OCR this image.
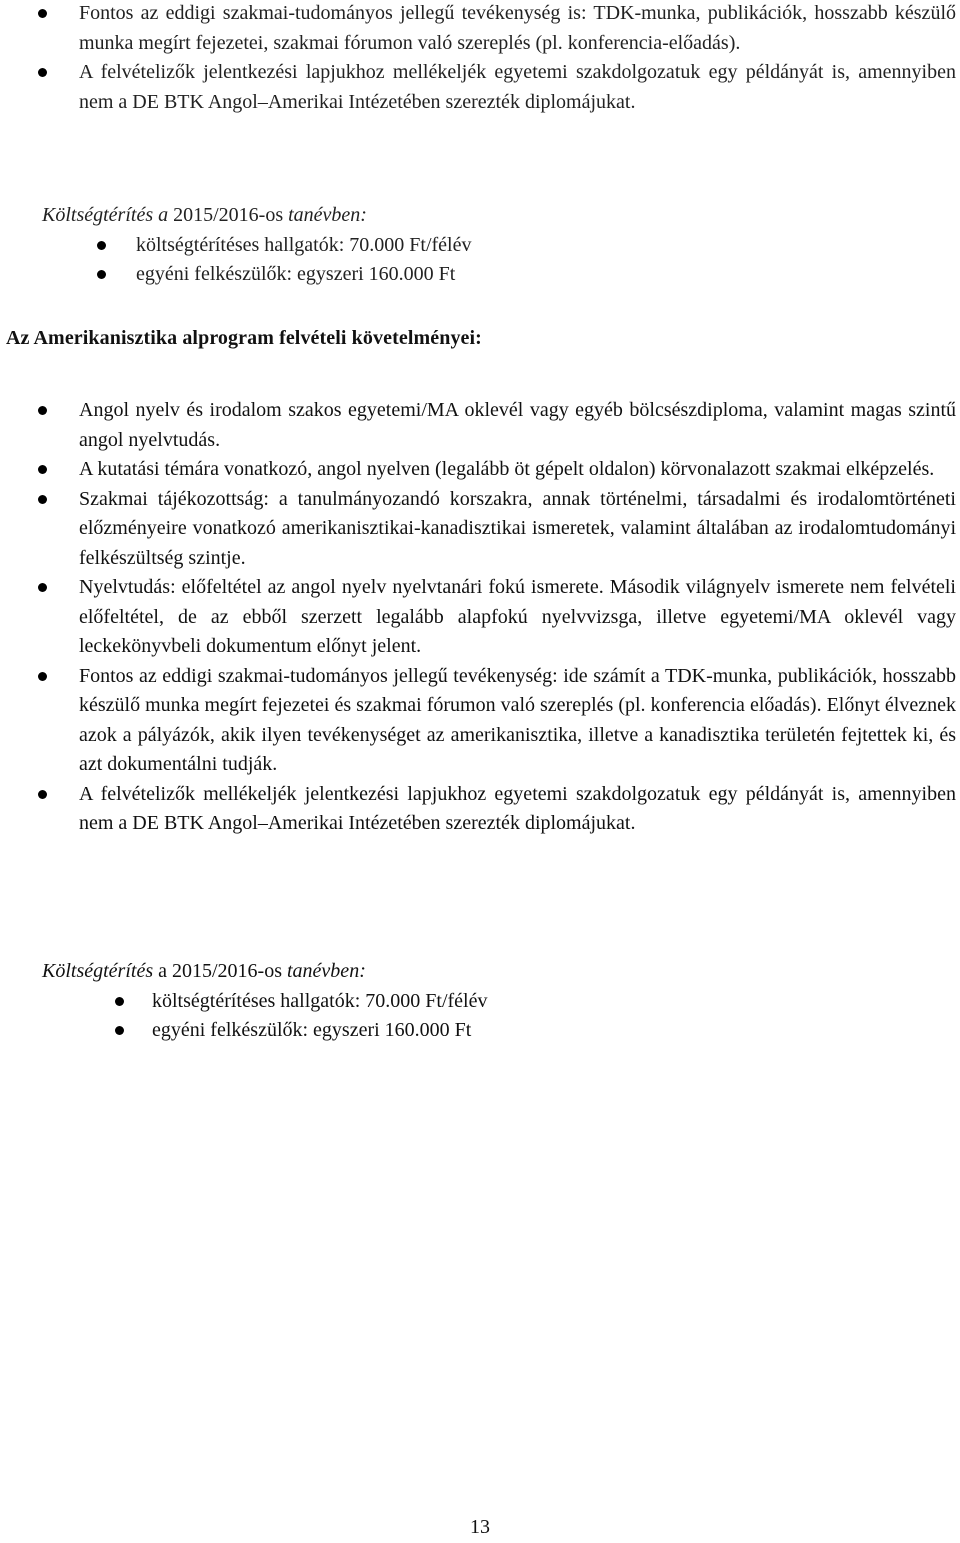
Fontos az eddigi szakmai-tudományos jellegű tevékenység is: TDK-munka, publikációk, hosszabb készülő munka megírt fejezetei, szakmai fórumon való szereplés (pl. konferencia-előadás).
A felvételizők jelentkezési lapjukhoz mellékeljék egyetemi szakdolgozatuk egy példányát is, amennyiben nem a DE BTK Angol–Amerikai Intézetében szerezték diplomájukat.
Költségtérítés a 2015/2016-os tanévben:
költségtérítéses hallgatók: 70.000 Ft/félév
egyéni felkészülők: egyszeri 160.000 Ft
Az Amerikanisztika alprogram felvételi követelményei:
Angol nyelv és irodalom szakos egyetemi/MA oklevél vagy egyéb bölcsészdiploma, valamint magas szintű angol nyelvtudás.
A kutatási témára vonatkozó, angol nyelven (legalább öt gépelt oldalon) körvonalazott szakmai elképzelés.
Szakmai tájékozottság: a tanulmányozandó korszakra, annak történelmi, társadalmi és irodalomtörténeti előzményeire vonatkozó amerikanisztikai-kanadisztikai ismeretek, valamint általában az irodalomtudományi felkészültség szintje.
Nyelvtudás: előfeltétel az angol nyelv nyelvtanári fokú ismerete. Második világnyelv ismerete nem felvételi előfeltétel, de az ebből szerzett legalább alapfokú nyelvvizsga, illetve egyetemi/MA oklevél vagy leckekönyvbeli dokumentum előnyt jelent.
Fontos az eddigi szakmai-tudományos jellegű tevékenység: ide számít a TDK-munka, publikációk, hosszabb készülő munka megírt fejezetei és szakmai fórumon való szereplés (pl. konferencia előadás). Előnyt élveznek azok a pályázók, akik ilyen tevékenységet az amerikanisztika, illetve a kanadisztika területén fejtettek ki, és azt dokumentálni tudják.
A felvételizők mellékeljék jelentkezési lapjukhoz egyetemi szakdolgozatuk egy példányát is, amennyiben nem a DE BTK Angol–Amerikai Intézetében szerezték diplomájukat.
Költségtérítés a 2015/2016-os tanévben:
költségtérítéses hallgatók: 70.000 Ft/félév
egyéni felkészülők: egyszeri 160.000 Ft
13
